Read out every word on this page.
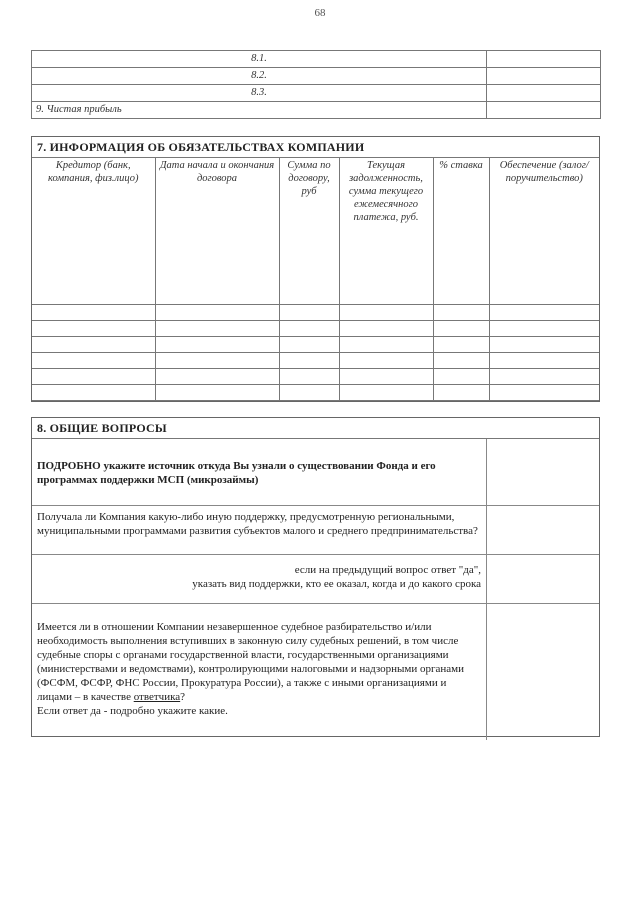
68
8.1.	
8.2.	
8.3.	
9. Чистая прибыль	
7. ИНФОРМАЦИЯ ОБ ОБЯЗАТЕЛЬСТВАХ КОМПАНИИ
Кредитор (банк, компания, физ.лицо)	Дата начала и окончания договора	Сумма по договору, руб	Текущая задолженность, сумма текущего ежемесячного платежа, руб.	% ставка	Обеспечение (залог/поручительство)

8. ОБЩИЕ ВОПРОСЫ
ПОДРОБНО укажите источник откуда Вы узнали о существовании Фонда и его программах поддержки МСП (микрозаймы)
Получала ли Компания какую-либо иную поддержку, предусмотренную региональными, муниципальными программами развития субъектов малого и среднего предпринимательства?
если на предыдущий вопрос ответ "да",
указать вид поддержки, кто ее оказал, когда и до какого срока
Имеется ли в отношении Компании незавершенное судебное разбирательство и/или необходимость выполнения вступивших в законную силу судебных решений, в том числе судебные споры с органами государственной власти, государственными организациями (министерствами и ведомствами), контролирующими налоговыми и надзорными органами (ФСФМ, ФСФР, ФНС России, Прокуратура России), а также с иными организациями и лицами – в качестве ответчика?
Если ответ да - подробно укажите какие.
